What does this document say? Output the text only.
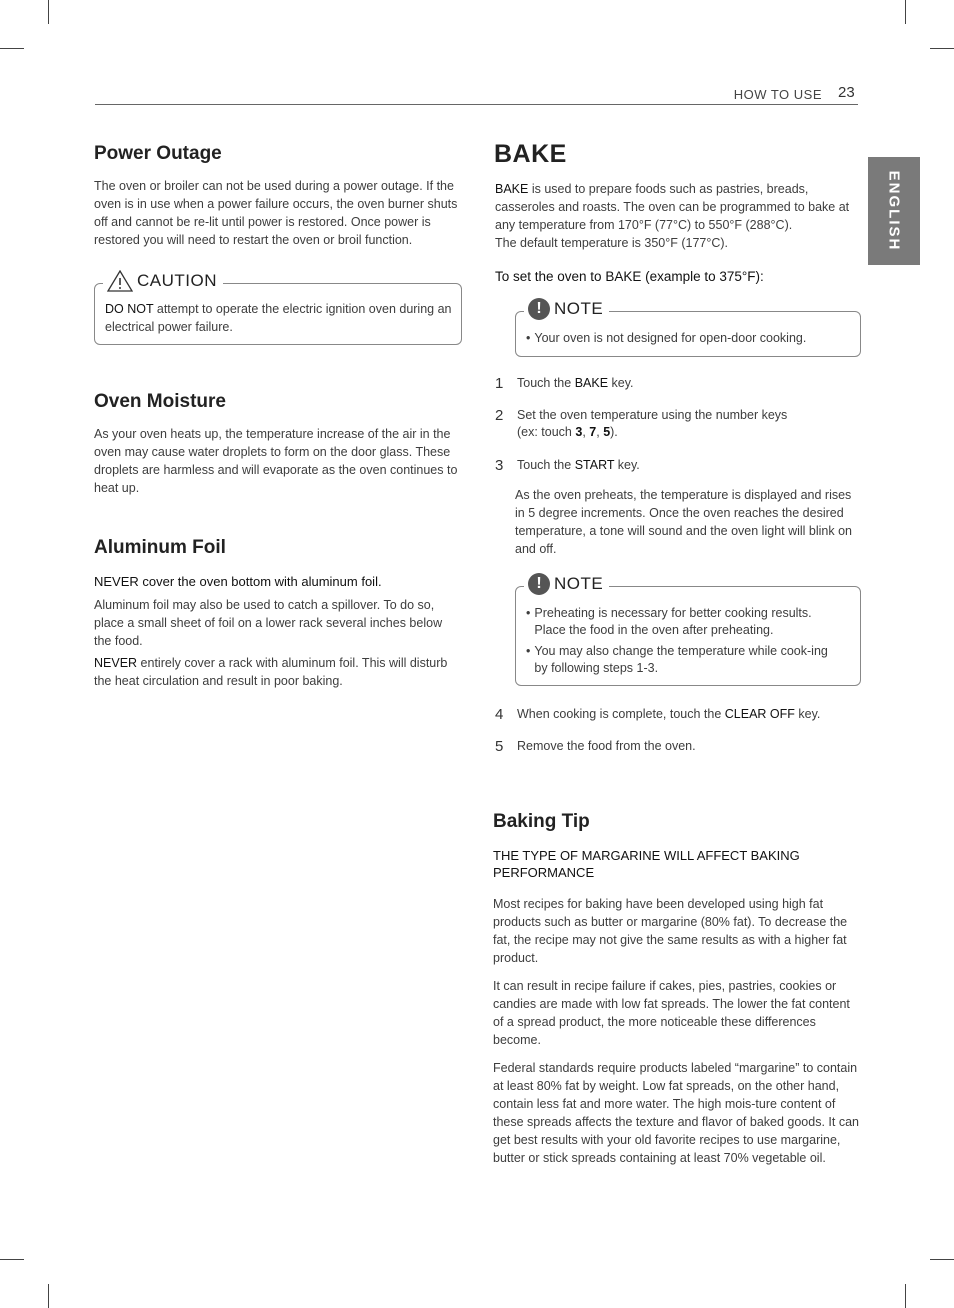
HOW TO USE 23
ENGLISH
Power Outage

The oven or broiler can not be used during a power outage. If the oven is in use when a power failure occurs, the oven burner shuts off and cannot be re-lit until power is restored. Once power is restored you will need to restart the oven or broil function.

CAUTION

DO NOT attempt to operate the electric ignition oven during an electrical power failure.

Oven Moisture

As your oven heats up, the temperature increase of the air in the oven may cause water droplets to form on the door glass. These droplets are harmless and will evaporate as the oven continues to heat up.

Aluminum Foil

NEVER cover the oven bottom with aluminum foil.

Aluminum foil may also be used to catch a spillover. To do so, place a small sheet of foil on a lower rack several inches below the food.

NEVER entirely cover a rack with aluminum foil. This will disturb the heat circulation and result in poor baking.

BAKE

BAKE is used to prepare foods such as pastries, breads, casseroles and roasts. The oven can be programmed to bake at any temperature from 170°F (77°C) to 550°F (288°C).
The default temperature is 350°F (177°C).

To set the oven to BAKE (example to 375°F):

! NOTE
• Your oven is not designed for open-door cooking.
1	Touch the BAKE key.
2	Set the oven temperature using the number keys
(ex: touch 3, 7, 5).
3	Touch the START key.

As the oven preheats, the temperature is displayed and rises in 5 degree increments. Once the oven reaches the desired temperature, a tone will sound and the oven light will blink on and off.

! NOTE
• Preheating is necessary for better cooking results. Place the food in the oven after preheating.
• You may also change the temperature while cook-ing by following steps 1-3.
4	When cooking is complete, touch the CLEAR OFF key.
5	Remove the food from the oven.
Baking Tip

THE TYPE OF MARGARINE WILL AFFECT BAKING PERFORMANCE

Most recipes for baking have been developed using high fat products such as butter or margarine (80% fat). To decrease the fat, the recipe may not give the same results as with a higher fat product.

It can result in recipe failure if cakes, pies, pastries, cookies or candies are made with low fat spreads. The lower the fat content of a spread product, the more noticeable these differences become.

Federal standards require products labeled “margarine” to contain at least 80% fat by weight. Low fat spreads, on the other hand, contain less fat and more water. The high mois-ture content of these spreads affects the texture and flavor of baked goods. It can get best results with your old favorite recipes to use margarine, butter or stick spreads containing at least 70% vegetable oil.
